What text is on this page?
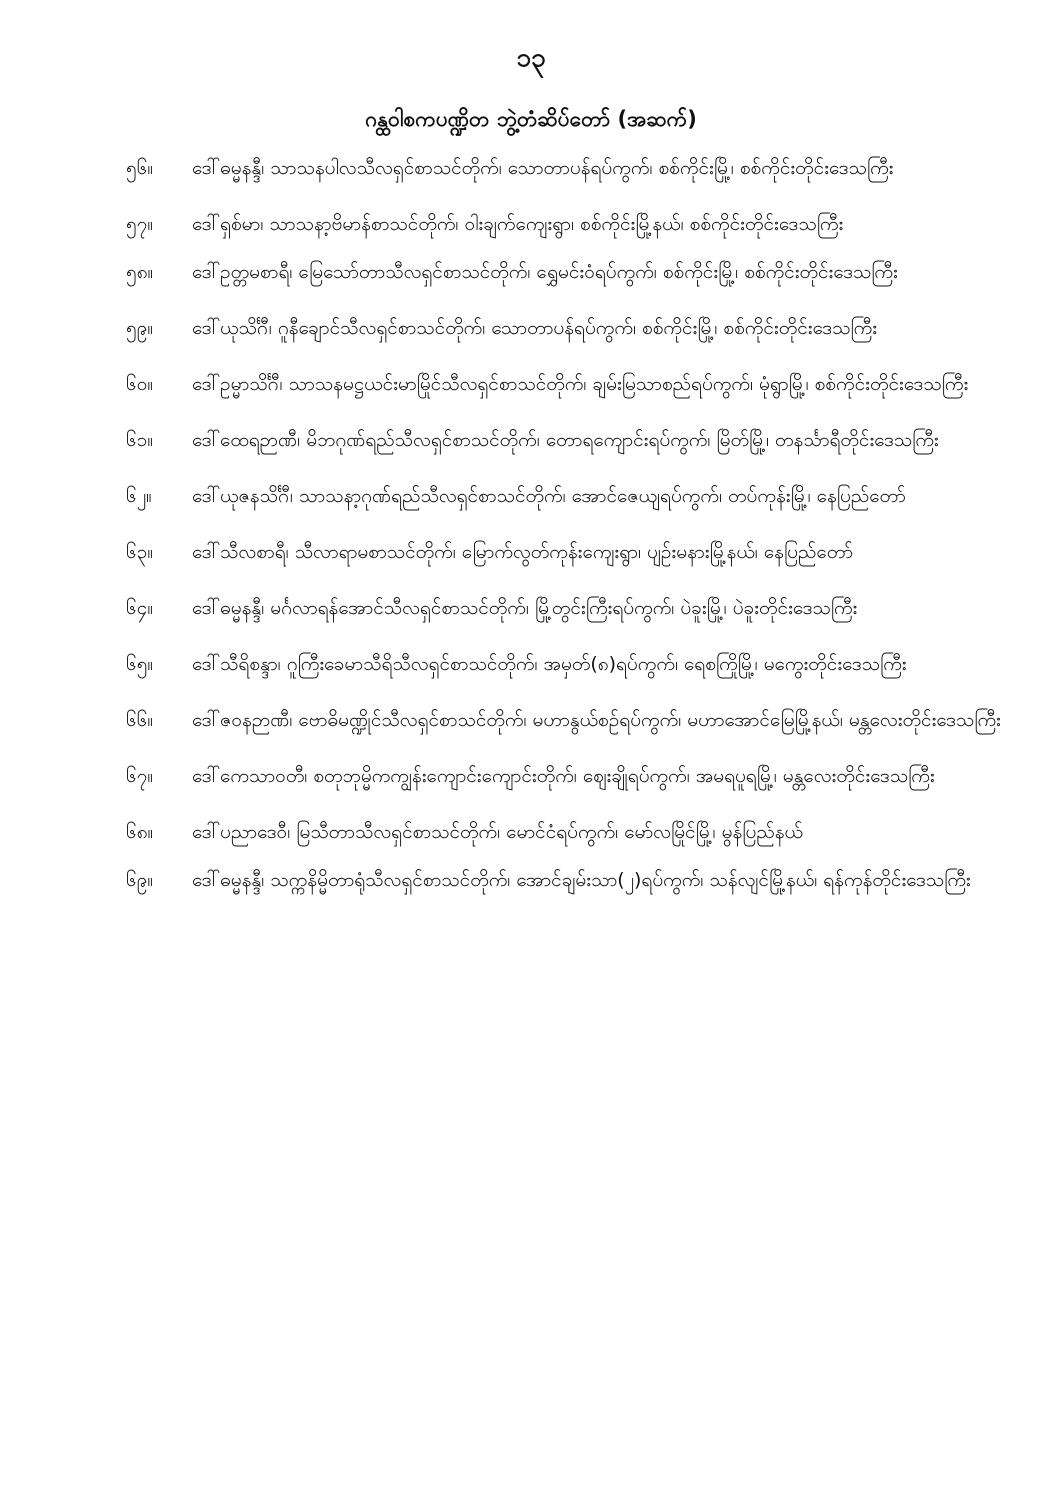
၁၃
ဂန္ထဝါစကပဏ္ဍိတ ဘွဲ့တံဆိပ်တော် (အဆက်)
၅၆။	ဒေါ်ဓမ္မနန္ဒီ၊ သာသနပါလသီလရှင်စာသင်တိုက်၊ သောတာပန်ရပ်ကွက်၊ စစ်ကိုင်းမြို့၊ စစ်ကိုင်းတိုင်းဒေသကြီး
၅၇။	ဒေါ်ရှစ်မာ၊ သာသနာ့ဗိမာန်စာသင်တိုက်၊ ဝါးချက်ကျေးရွာ၊ စစ်ကိုင်းမြို့နယ်၊ စစ်ကိုင်းတိုင်းဒေသကြီး
၅၈။	ဒေါ်ဥတ္တမစာရီ၊ မြေသော်တာသီလရှင်စာသင်တိုက်၊ ရွှေမင်းဝံရပ်ကွက်၊ စစ်ကိုင်းမြို့၊ စစ်ကိုင်းတိုင်းဒေသကြီး
၅၉။	ဒေါ်ယုသိင်္ဂီ၊ ဂူနီချောင်သီလရှင်စာသင်တိုက်၊ သောတာပန်ရပ်ကွက်၊ စစ်ကိုင်းမြို့၊ စစ်ကိုင်းတိုင်းဒေသကြီး
၆၀။	ဒေါ်ဥမ္မာသိင်္ဂီ၊ သာသနမဋ္ဌယင်းမာမြိုင်သီလရှင်စာသင်တိုက်၊ ချမ်းမြသာစည်ရပ်ကွက်၊ မုံရွာမြို့၊ စစ်ကိုင်းတိုင်းဒေသကြီး
၆၁။	ဒေါ်ထေရဉာဏီ၊ မိဘဂုဏ်ရည်သီလရှင်စာသင်တိုက်၊ တောရကျောင်းရပ်ကွက်၊ မြိတ်မြို့၊ တနင်္သာရီတိုင်းဒေသကြီး
၆၂။	ဒေါ်ယုဇနသိင်္ဂီ၊ သာသနာ့ဂုဏ်ရည်သီလရှင်စာသင်တိုက်၊ အောင်ဇေယျရပ်ကွက်၊ တပ်ကုန်းမြို့၊ နေပြည်တော်
၆၃။	ဒေါ်သီလစာရီ၊ သီလာရာမစာသင်တိုက်၊ မြောက်လွတ်ကုန်းကျေးရွာ၊ ပျဉ်းမနားမြို့နယ်၊ နေပြည်တော်
၆၄။	ဒေါ်ဓမ္မနန္ဒီ၊ မင်္ဂလာရန်အောင်သီလရှင်စာသင်တိုက်၊ မြို့တွင်းကြီးရပ်ကွက်၊ ပဲခူးမြို့၊ ပဲခူးတိုင်းဒေသကြီး
၆၅။	ဒေါ်သီရိစန္ဒာ၊ ဂူကြီးခေမာသီရိသီလရှင်စာသင်တိုက်၊ အမှတ်(၈)ရပ်ကွက်၊ ရေစကြိုမြို့၊ မကွေးတိုင်းဒေသကြီး
၆၆။	ဒေါ်ဇဝနဉာဏီ၊ ဗောဓိမဏ္ဍိုင်သီလရှင်စာသင်တိုက်၊ မဟာနွယ်စဉ်ရပ်ကွက်၊ မဟာအောင်မြေမြို့နယ်၊ မန္တလေးတိုင်းဒေသကြီး
၆၇။	ဒေါ်ကေသာဝတီ၊ စတုဘုမ္မိကကျွန်းကျောင်းကျောင်းတိုက်၊ ဈေးချိုရပ်ကွက်၊ အမရပူရမြို့၊ မန္တလေးတိုင်းဒေသကြီး
၆၈။	ဒေါ်ပညာဒေဝီ၊ မြသီတာသီလရှင်စာသင်တိုက်၊ မောင်ငံရပ်ကွက်၊ မော်လမြိုင်မြို့၊ မွန်ပြည်နယ်
၆၉။	ဒေါ်ဓမ္မနန္ဒီ၊ သက္ကနိမ္မိတာရုံသီလရှင်စာသင်တိုက်၊ အောင်ချမ်းသာ(၂)ရပ်ကွက်၊ သန်လျင်မြို့နယ်၊ ရန်ကုန်တိုင်းဒေသကြီး
